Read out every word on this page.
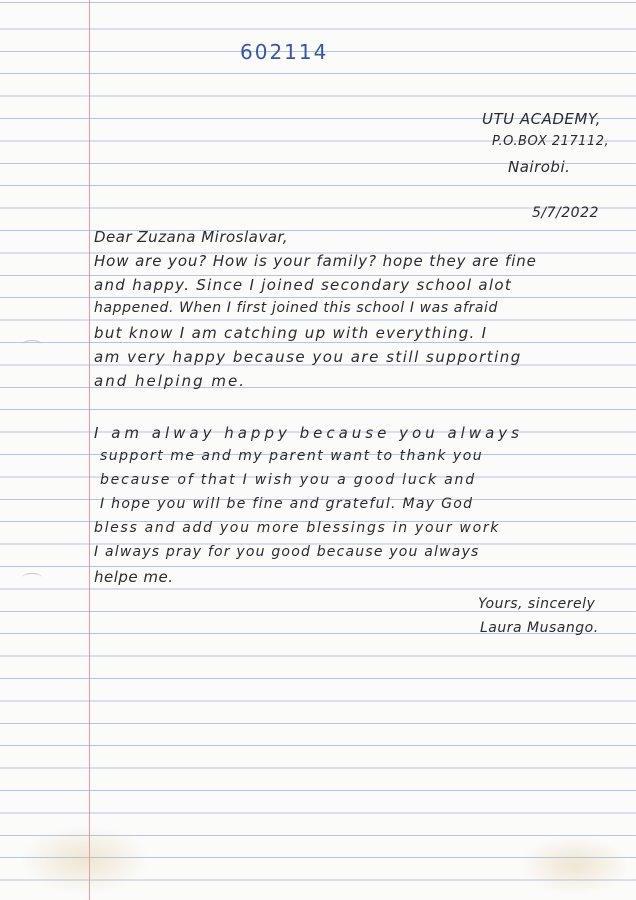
602114
UTU ACADEMY,
P.O.BOX 217112,
Nairobi.
5/7/2022
Dear Zuzana Miroslavar,
How are you? How is your family? hope they are fine
and happy. Since I joined secondary school alot
happened. When I first joined this school I was afraid
but know I am catching up with everything. I
am very happy because you are still supporting
and helping me.
I am alway happy because you always
support me and my parent want to thank you
because of that I wish you a good luck and
I hope you will be fine and grateful. May God
bless and add you more blessings in your work
I always pray for you good because you always
helpe me.
Yours, sincerely
Laura Musango.
